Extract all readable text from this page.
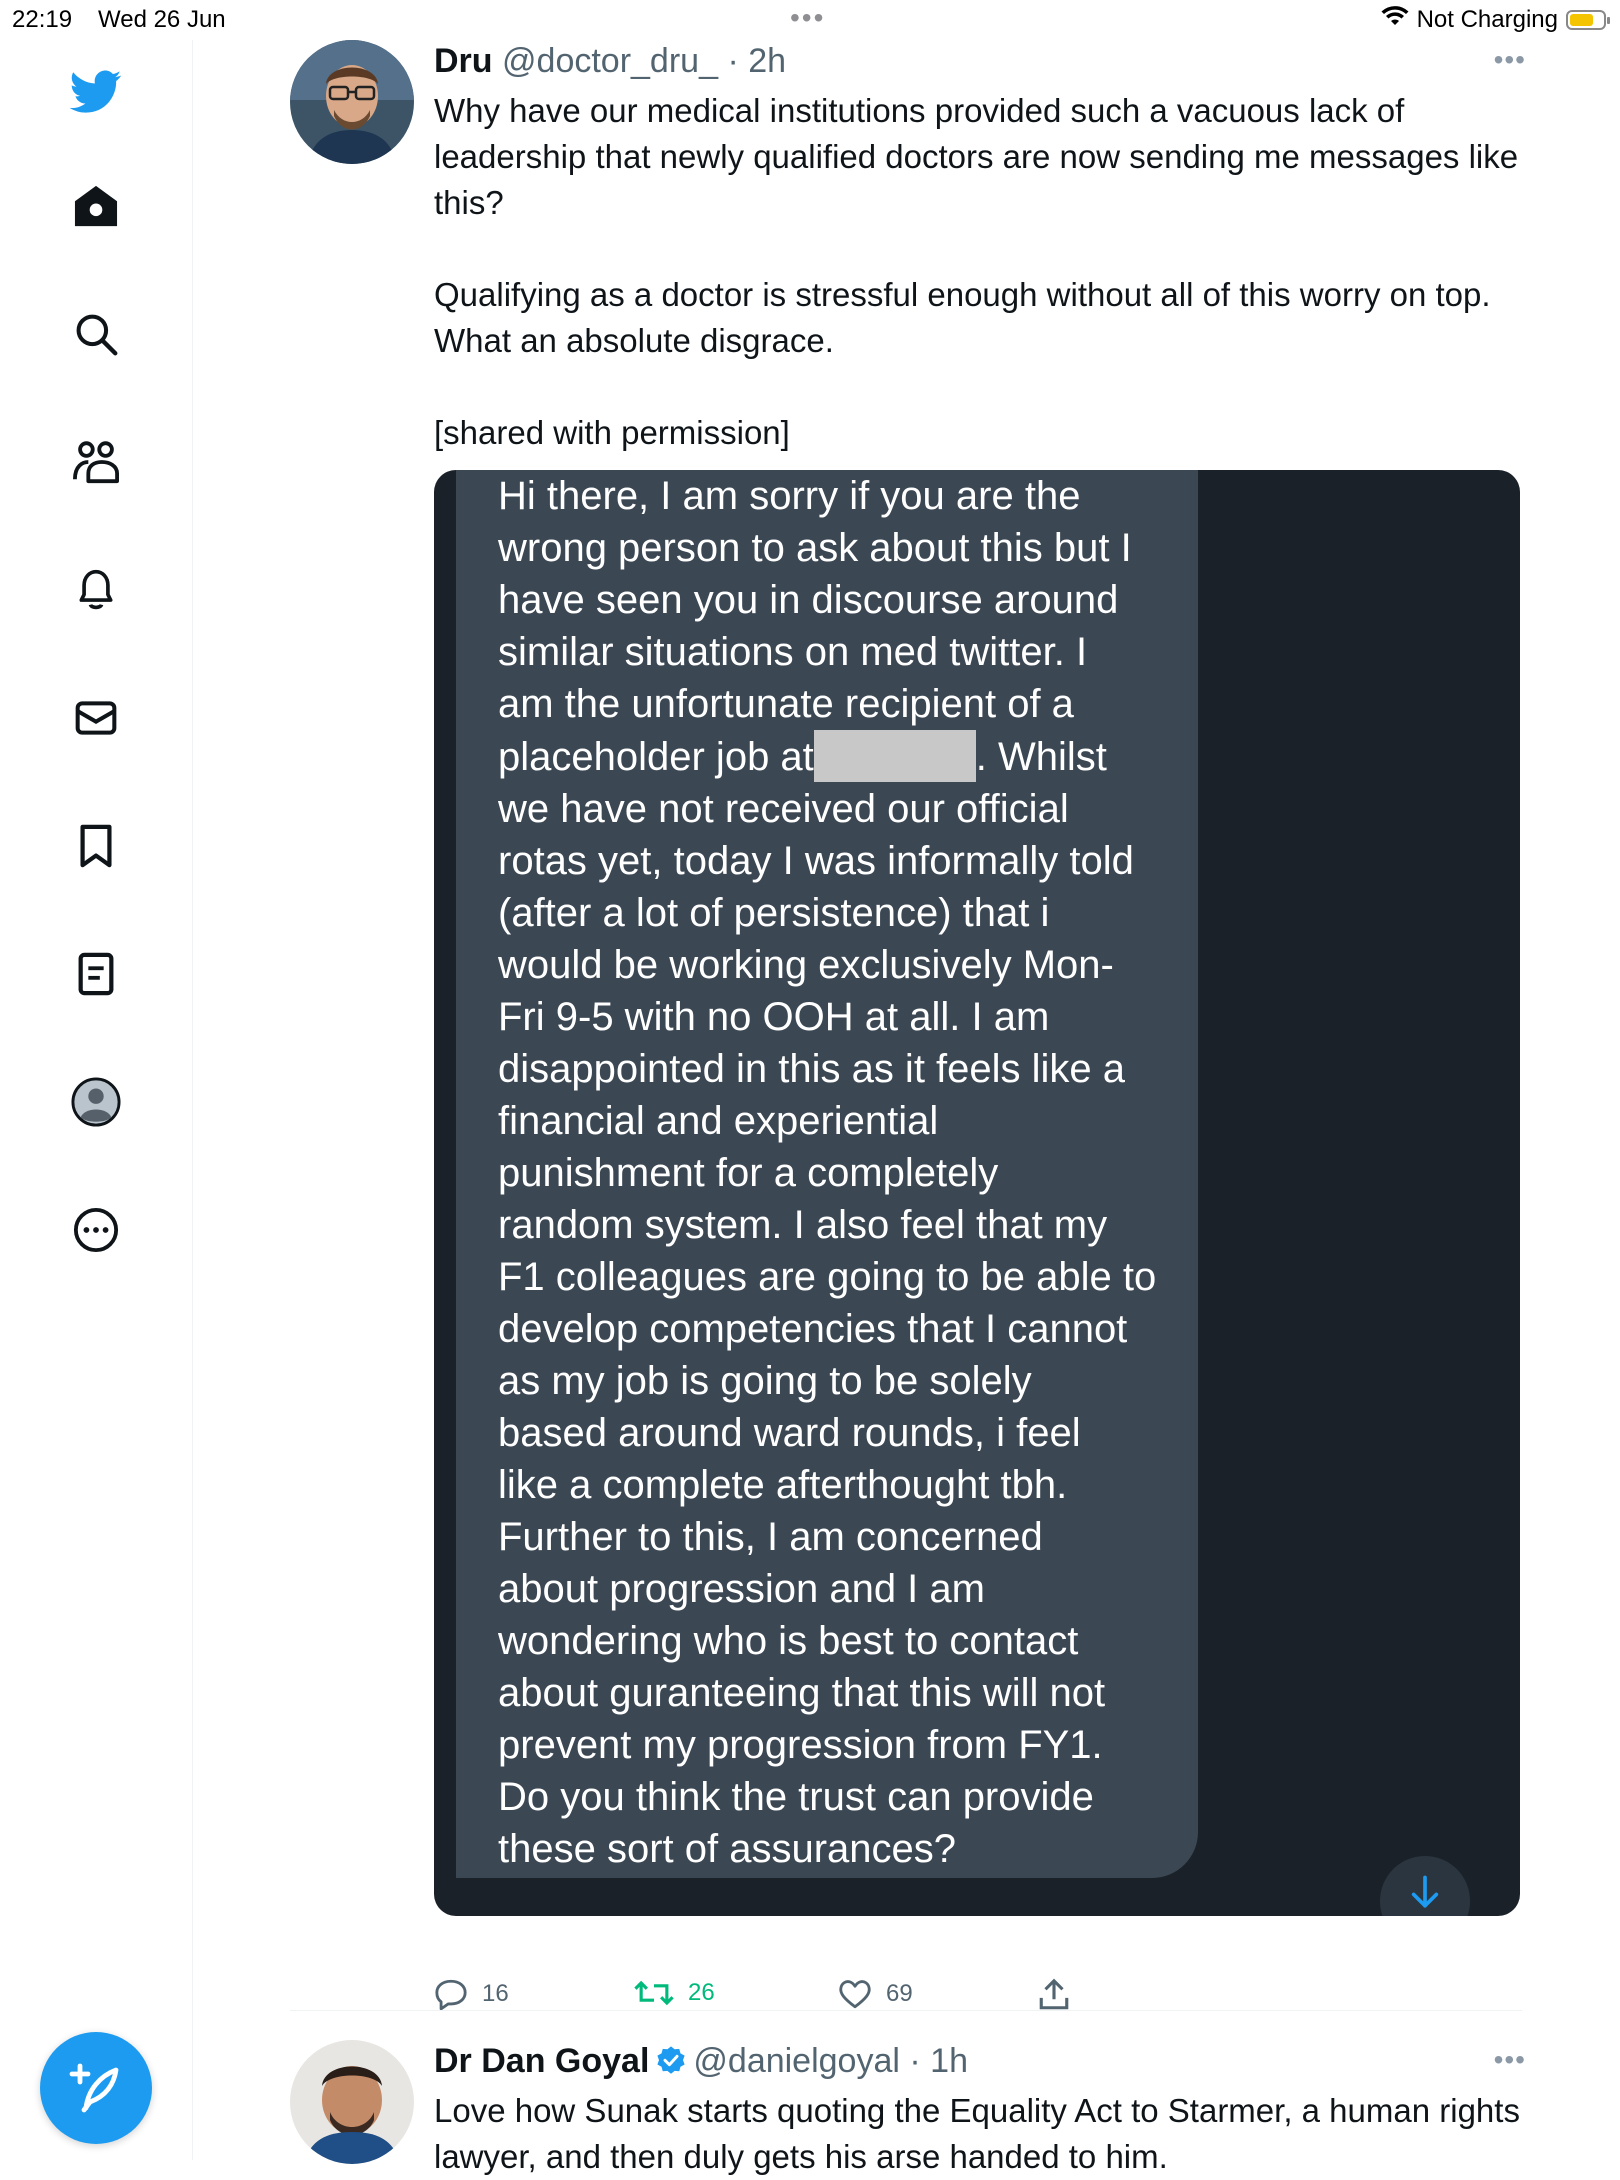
22:19 Wed 26 Jun	•••	Not Charging
Dru @doctor_dru_ · 2h	•••

Why have our medical institutions provided such a vacuous lack of leadership that newly qualified doctors are now sending me messages like this?

Qualifying as a doctor is stressful enough without all of this worry on top. What an absolute disgrace.

[shared with permission]

Hi there, I am sorry if you are the
wrong person to ask about this but I
have seen you in discourse around
similar situations on med twitter. I
am the unfortunate recipient of a
placeholder job at	. Whilst
we have not received our official
rotas yet, today I was informally told
(after a lot of persistence) that i
would be working exclusively Mon-
Fri 9-5 with no OOH at all. I am
disappointed in this as it feels like a
financial and experiential
punishment for a completely
random system. I also feel that my
F1 colleagues are going to be able to
develop competencies that I cannot
as my job is going to be solely
based around ward rounds, i feel
like a complete afterthought tbh.
Further to this, I am concerned
about progression and I am
wondering who is best to contact
about guranteeing that this will not
prevent my progression from FY1.
Do you think the trust can provide
these sort of assurances?
16	26	69
Dr Dan Goyal @danielgoyal · 1h	•••

Love how Sunak starts quoting the Equality Act to Starmer, a human rights lawyer, and then duly gets his arse handed to him.
